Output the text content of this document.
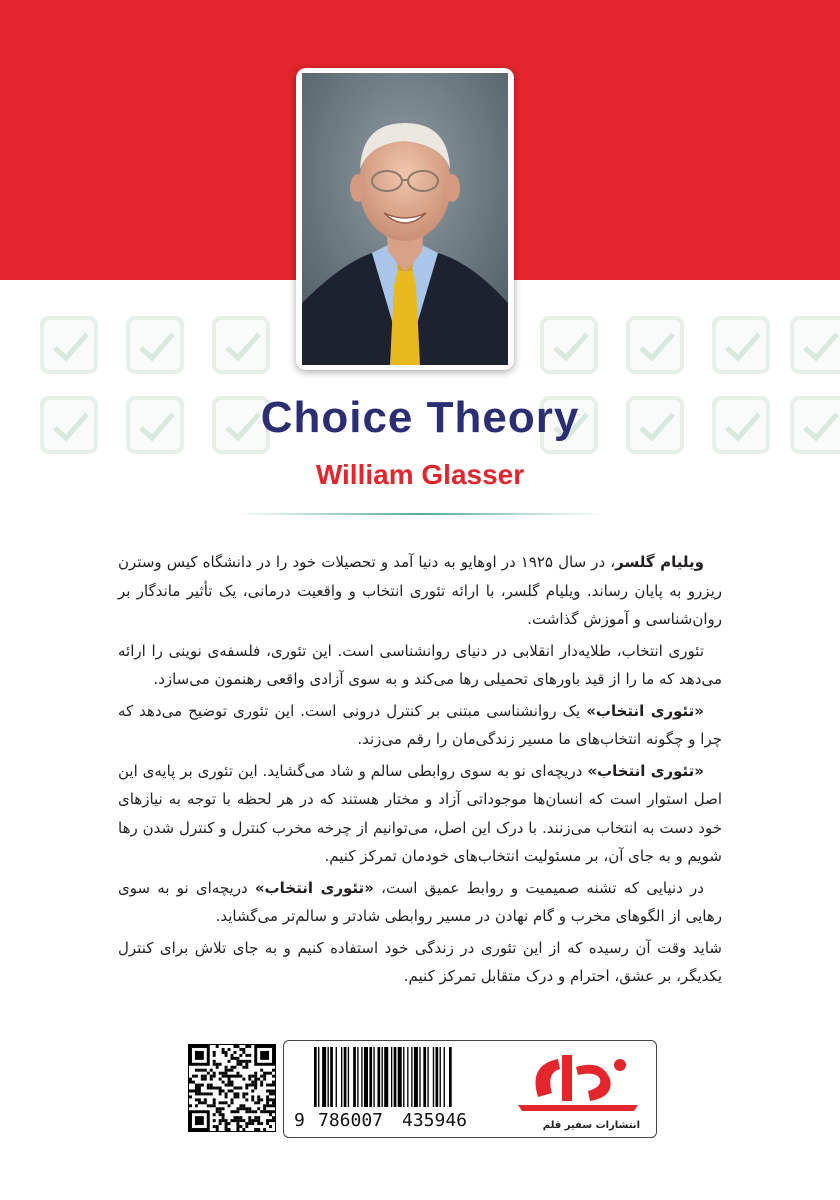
Choice Theory
William Glasser

ویلیام گلسر، در سال ۱۹۲۵ در اوهایو به دنیا آمد و تحصیلات خود را در دانشگاه کیس وسترن ریزرو به پایان رساند. ویلیام گلسر، با ارائه تئوری انتخاب و واقعیت درمانی، یک تأثیر ماندگار بر روان‌شناسی و آموزش گذاشت.

تئوری انتخاب، طلایه‌دار انقلابی در دنیای روانشناسی است. این تئوری، فلسفه‌ی نوینی را ارائه می‌دهد که ما را از قید باورهای تحمیلی رها می‌کند و به سوی آزادی واقعی رهنمون می‌سازد.

«تئوری انتخاب» یک روانشناسی مبتنی بر کنترل درونی است. این تئوری توضیح می‌دهد که چرا و چگونه انتخاب‌های ما مسیر زندگی‌مان را رقم می‌زند.

«تئوری انتخاب» دریچه‌ای نو به سوی روابطی سالم و شاد می‌گشاید. این تئوری بر پایه‌ی این اصل استوار است که انسان‌ها موجوداتی آزاد و مختار هستند که در هر لحظه با توجه به نیازهای خود دست به انتخاب می‌زنند. با درک این اصل، می‌توانیم از چرخه مخرب کنترل و کنترل شدن رها شویم و به جای آن، بر مسئولیت انتخاب‌های خودمان تمرکز کنیم.

در دنیایی که تشنه صمیمیت و روابط عمیق است، «تئوری انتخاب» دریچه‌ای نو به سوی رهایی از الگوهای مخرب و گام نهادن در مسیر روابطی شادتر و سالم‌تر می‌گشاید.

شاید وقت آن رسیده که از این تئوری در زندگی خود استفاده کنیم و به جای تلاش برای کنترل یکدیگر، بر عشق، احترام و درک متقابل تمرکز کنیم.

9 786007 435946	انتشارات سفیر قلم
